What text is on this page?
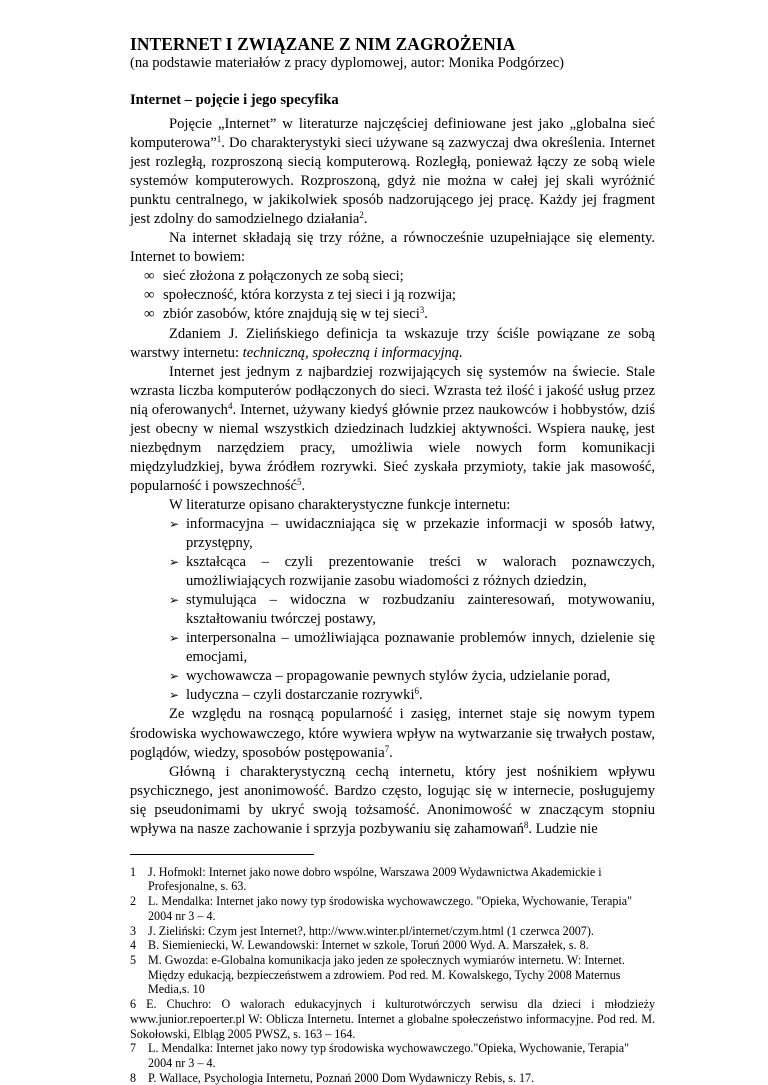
INTERNET I ZWIĄZANE Z NIM ZAGROŻENIA
(na podstawie materiałów z pracy dyplomowej, autor: Monika Podgórzec)
Internet – pojęcie i jego specyfika

Pojęcie „Internet” w literaturze najczęściej definiowane jest jako „globalna sieć komputerowa”$^1$. Do charakterystyki sieci używane są zazwyczaj dwa określenia. Internet jest rozległą, rozproszoną siecią komputerową. Rozległą, ponieważ łączy ze sobą wiele systemów komputerowych. Rozproszoną, gdyż nie można w całej jej skali wyróżnić punktu centralnego, w jakikolwiek sposób nadzorującego jej pracę. Każdy jej fragment jest zdolny do samodzielnego działania$^2$.

Na internet składają się trzy różne, a równocześnie uzupełniające się elementy. Internet to bowiem:

∞ sieć złożona z połączonych ze sobą sieci;
∞ społeczność, która korzysta z tej sieci i ją rozwija;
∞ zbiór zasobów, które znajdują się w tej sieci$^3$.

Zdaniem J. Zielińskiego definicja ta wskazuje trzy ściśle powiązane ze sobą warstwy internetu: techniczną, społeczną i informacyjną.

Internet jest jednym z najbardziej rozwijających się systemów na świecie. Stale wzrasta liczba komputerów podłączonych do sieci. Wzrasta też ilość i jakość usług przez nią oferowanych$^4$. Internet, używany kiedyś głównie przez naukowców i hobbystów, dziś jest obecny w niemal wszystkich dziedzinach ludzkiej aktywności. Wspiera naukę, jest niezbędnym narzędziem pracy, umożliwia wiele nowych form komunikacji międzyludzkiej, bywa źródłem rozrywki. Sieć zyskała przymioty, takie jak masowość, popularność i powszechność$^5$.

W literaturze opisano charakterystyczne funkcje internetu:

➢ informacyjna – uwidaczniająca się w przekazie informacji w sposób łatwy, przystępny,
➢ kształcąca – czyli prezentowanie treści w walorach poznawczych, umożliwiających rozwijanie zasobu wiadomości z różnych dziedzin,
➢ stymulująca – widoczna w rozbudzaniu zainteresowań, motywowaniu, kształtowaniu twórczej postawy,
➢ interpersonalna – umożliwiająca poznawanie problemów innych, dzielenie się emocjami,
➢ wychowawcza – propagowanie pewnych stylów życia, udzielanie porad,
➢ ludyczna – czyli dostarczanie rozrywki$^6$.

Ze względu na rosnącą popularność i zasięg, internet staje się nowym typem środowiska wychowawczego, które wywiera wpływ na wytwarzanie się trwałych postaw, poglądów, wiedzy, sposobów postępowania$^7$.

Główną i charakterystyczną cechą internetu, który jest nośnikiem wpływu psychicznego, jest anonimowość. Bardzo często, logując się w internecie, posługujemy się pseudonimami by ukryć swoją tożsamość. Anonimowość w znaczącym stopniu wpływa na nasze zachowanie i sprzyja pozbywaniu się zahamowań$^8$. Ludzie nie

1 J. Hofmokl: Internet jako nowe dobro wspólne, Warszawa 2009 Wydawnictwa Akademickie i Profesjonalne, s. 63.
2 L. Mendalka: Internet jako nowy typ środowiska wychowawczego. "Opieka, Wychowanie, Terapia" 2004 nr 3 – 4.
3 J. Zieliński: Czym jest Internet?, http://www.winter.pl/internet/czym.html (1 czerwca 2007).
4 B. Siemieniecki, W. Lewandowski: Internet w szkole, Toruń 2000 Wyd. A. Marszałek, s. 8.
5 M. Gwozda: e-Globalna komunikacja jako jeden ze społecznych wymiarów internetu. W: Internet. Między edukacją, bezpieczeństwem a zdrowiem. Pod red. M. Kowalskego, Tychy 2008 Maternus Media,s. 10
6 E. Chuchro: O walorach edukacyjnych i kulturotwórczych serwisu dla dzieci i młodzieży www.junior.repoerter.pl W: Oblicza Internetu. Internet a globalne społeczeństwo informacyjne. Pod red. M. Sokołowski, Elbląg 2005 PWSZ, s. 163 – 164.
7 L. Mendalka: Internet jako nowy typ środowiska wychowawczego."Opieka, Wychowanie, Terapia" 2004 nr 3 – 4.
8 P. Wallace, Psychologia Internetu, Poznań 2000 Dom Wydawniczy Rebis, s. 17.
